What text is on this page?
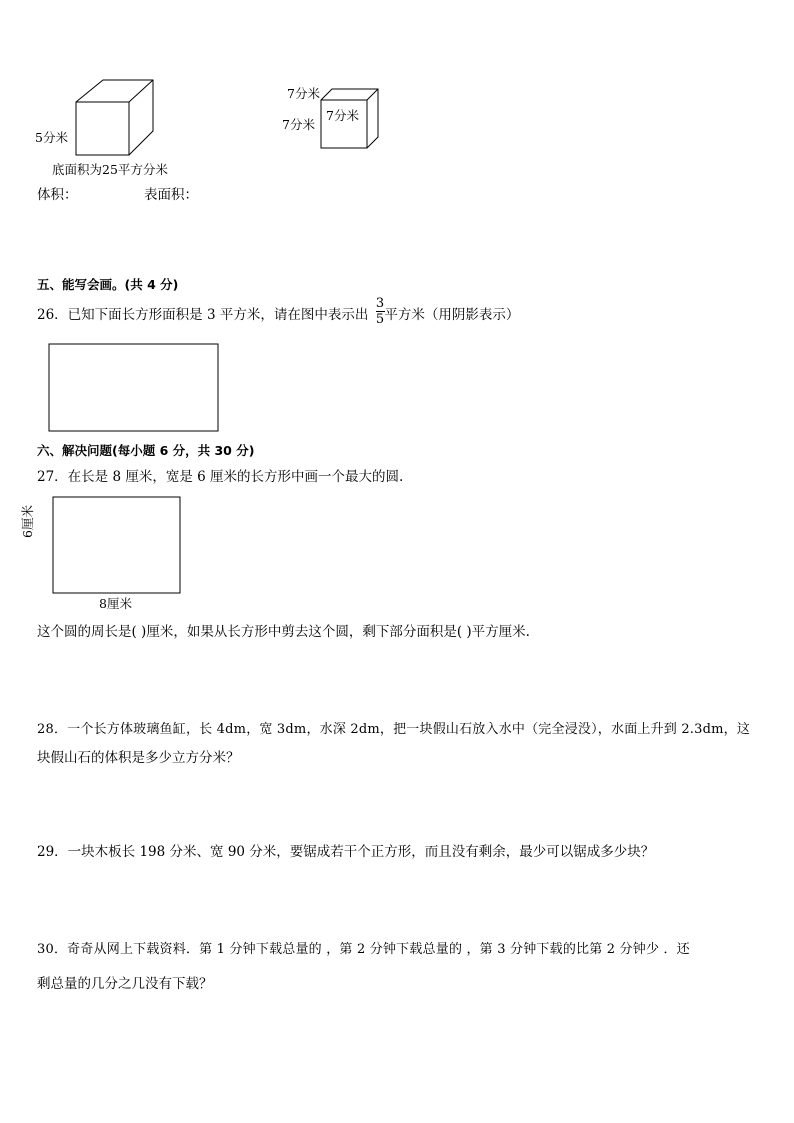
5分米
底面积为25平方分米
7分米
7分米
7分米
体积：	表面积：
五、能写会画。(共 4 分)
26．已知下面长方形面积是 3 平方米，请在图中表示出 平方米（用阴影表示）
3
5
六、解决问题(每小题 6 分，共 30 分)
27．在长是 8 厘米，宽是 6 厘米的长方形中画一个最大的圆.
6厘米
8厘米
这个圆的周长是( )厘米，如果从长方形中剪去这个圆，剩下部分面积是( )平方厘米.
28．一个长方体玻璃鱼缸，长 4dm，宽 3dm，水深 2dm，把一块假山石放入水中（完全浸没），水面上升到 2.3dm，这
块假山石的体积是多少立方分米？
29．一块木板长 198 分米、宽 90 分米，要锯成若干个正方形，而且没有剩余，最少可以锯成多少块？
30．奇奇从网上下载资料．第 1 分钟下载总量的 ，第 2 分钟下载总量的 ，第 3 分钟下载的比第 2 分钟少 ．还
剩总量的几分之几没有下载？
